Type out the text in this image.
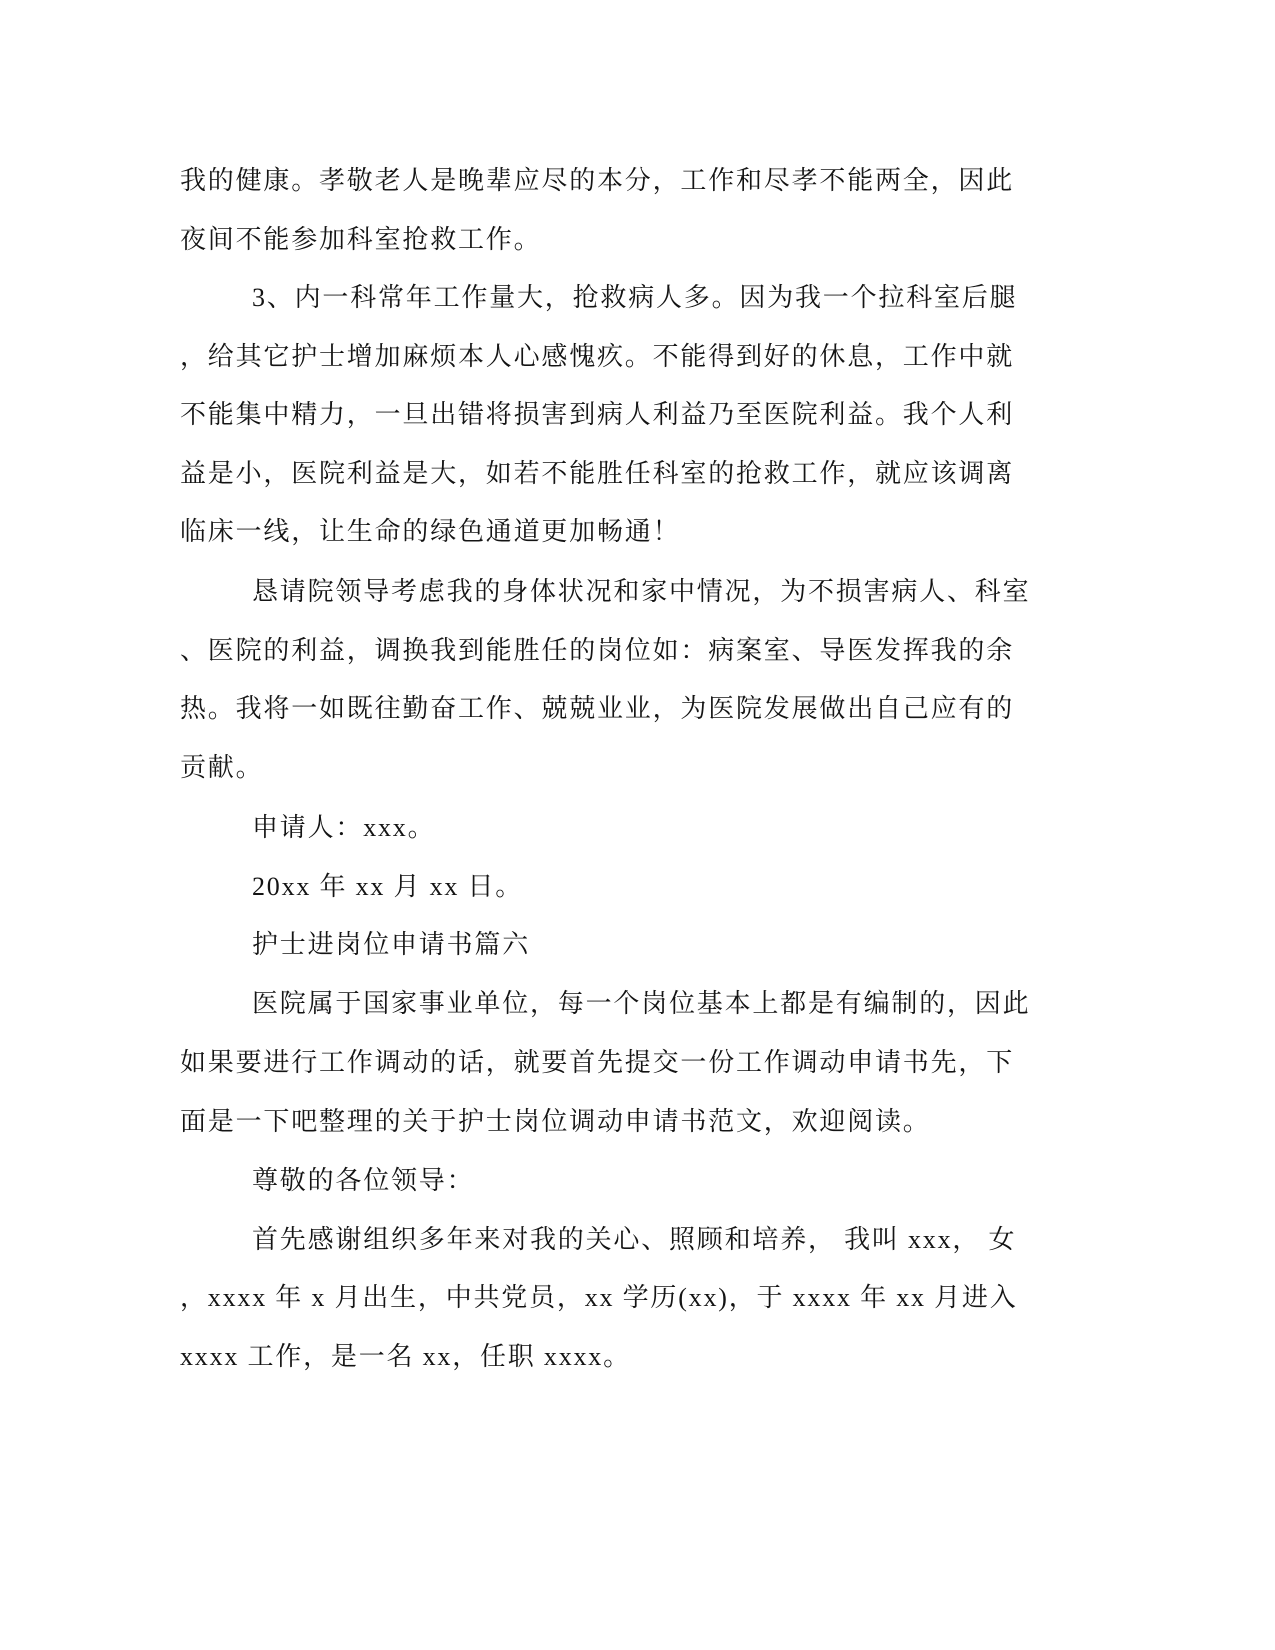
我的健康。孝敬老人是晚辈应尽的本分，工作和尽孝不能两全，因此
夜间不能参加科室抢救工作。
3、内一科常年工作量大，抢救病人多。因为我一个拉科室后腿
，给其它护士增加麻烦本人心感愧疚。不能得到好的休息，工作中就
不能集中精力，一旦出错将损害到病人利益乃至医院利益。我个人利
益是小，医院利益是大，如若不能胜任科室的抢救工作，就应该调离
临床一线，让生命的绿色通道更加畅通！
恳请院领导考虑我的身体状况和家中情况，为不损害病人、科室
、医院的利益，调换我到能胜任的岗位如：病案室、导医发挥我的余
热。我将一如既往勤奋工作、兢兢业业，为医院发展做出自己应有的
贡献。
申请人：xxx。
20xx 年 xx 月 xx 日。
护士进岗位申请书篇六
医院属于国家事业单位，每一个岗位基本上都是有编制的，因此
如果要进行工作调动的话，就要首先提交一份工作调动申请书先，下
面是一下吧整理的关于护士岗位调动申请书范文，欢迎阅读。
尊敬的各位领导：
首先感谢组织多年来对我的关心、照顾和培养， 我叫 xxx， 女
，xxxx 年 x 月出生，中共党员，xx 学历(xx)，于 xxxx 年 xx 月进入
xxxx 工作，是一名 xx，任职 xxxx。
